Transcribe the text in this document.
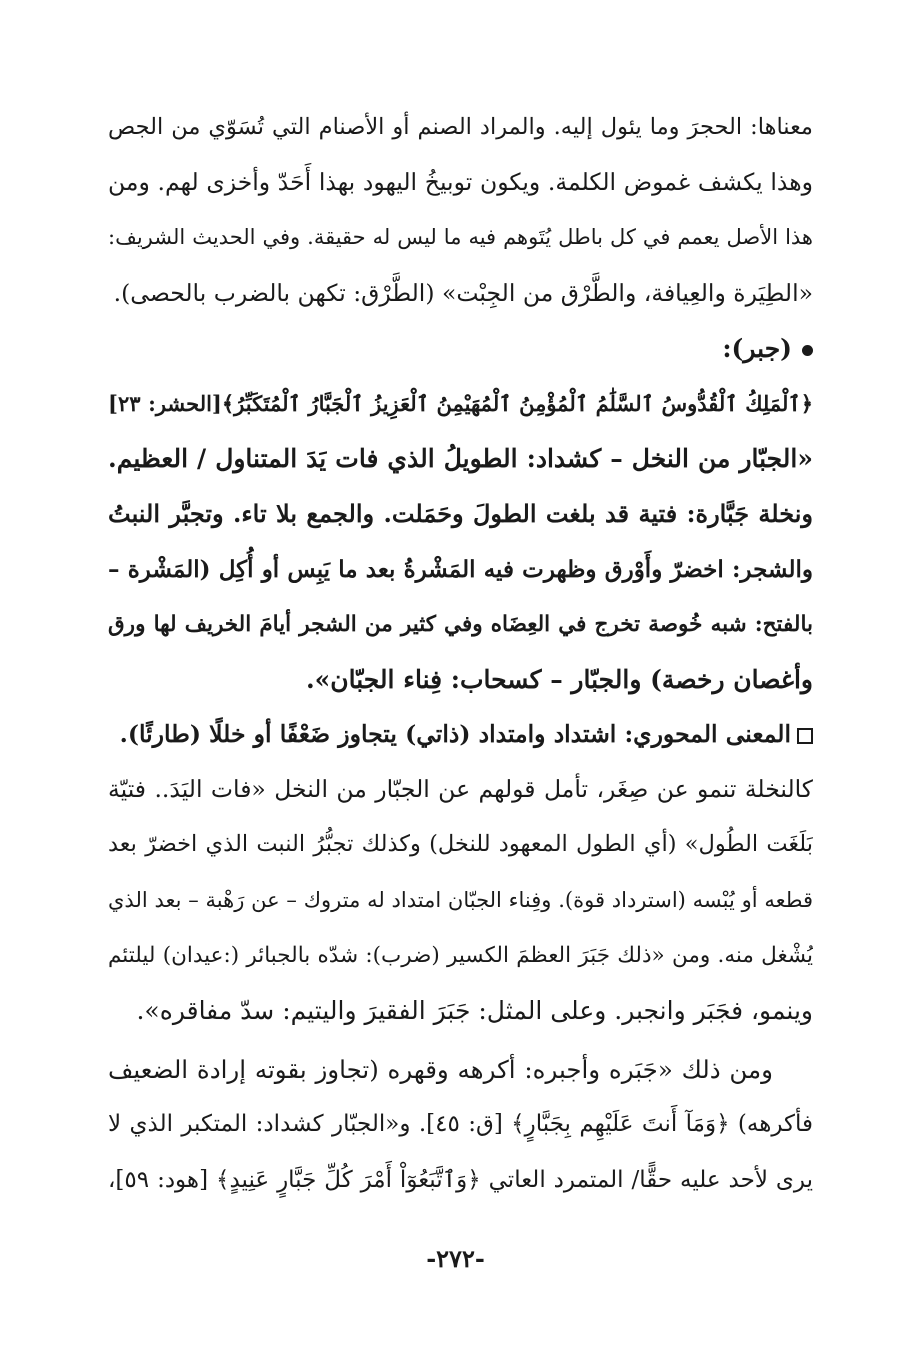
معناها: الحجرَ وما يئول إليه. والمراد الصنم أو الأصنام التي تُسَوّي من الجص
وهذا يكشف غموض الكلمة. ويكون توبيخُ اليهود بهذا أَحَدّ وأخزى لهم. ومن
هذا الأصل يعمم في كل باطل يُتَوهم فيه ما ليس له حقيقة. وفي الحديث الشريف:
«الطِيَرة والعِيافة، والطَّرْق من الجِبْت» (الطَّرْق: تكهن بالضرب بالحصى).
(جبر):
﴿ٱلْمَلِكُ ٱلْقُدُّوسُ ٱلسَّلَٰمُ ٱلْمُؤْمِنُ ٱلْمُهَيْمِنُ ٱلْعَزِيزُ ٱلْجَبَّارُ ٱلْمُتَكَبِّرُ﴾[الحشر: ٢٣]
«الجبّار من النخل – كشداد: الطويلُ الذي فات يَدَ المتناول / العظيم.
ونخلة جَبَّارة: فتية قد بلغت الطولَ وحَمَلت. والجمع بلا تاء. وتجبَّر النبتُ
والشجر: اخضرّ وأَوْرق وظهرت فيه المَشْرةُ بعد ما يَبِس أو أُكِل (المَشْرة –
بالفتح: شبه خُوصة تخرج في العِضَاه وفي كثير من الشجر أيامَ الخريف لها ورق
وأغصان رخصة) والجبّار – كسحاب: فِناء الجبّان».
المعنى المحوري: اشتداد وامتداد (ذاتي) يتجاوز ضَعْفًا أو خللًا (طارئًا).
كالنخلة تنمو عن صِغَر، تأمل قولهم عن الجبّار من النخل «فات اليَدَ.. فتيّة
بَلَغَت الطُول» (أي الطول المعهود للنخل) وكذلك تجبُّرُ النبت الذي اخضرّ بعد
قطعه أو يُبْسه (استرداد قوة). وفِناء الجبّان امتداد له متروك – عن رَهْبة – بعد الذي
يُشْغل منه. ومن «ذلك جَبَرَ العظمَ الكسير (ضرب): شدّه بالجبائر (:عيدان) ليلتئم
وينمو، فجَبَر وانجبر. وعلى المثل: جَبَرَ الفقيرَ واليتيم: سدّ مفاقره».
ومن ذلك «جَبَره وأجبره: أكرهه وقهره (تجاوز بقوته إرادة الضعيف
فأكرهه) ﴿وَمَآ أَنتَ عَلَيْهِم بِجَبَّارٍ﴾ [ق: ٤٥]. و«الجبّار كشداد: المتكبر الذي لا
يرى لأحد عليه حقًّا/ المتمرد العاتي ﴿وَٱتَّبَعُوٓاْ أَمْرَ كُلِّ جَبَّارٍ عَنِيدٍ﴾ [هود: ٥٩]،
-٢٧٢-
